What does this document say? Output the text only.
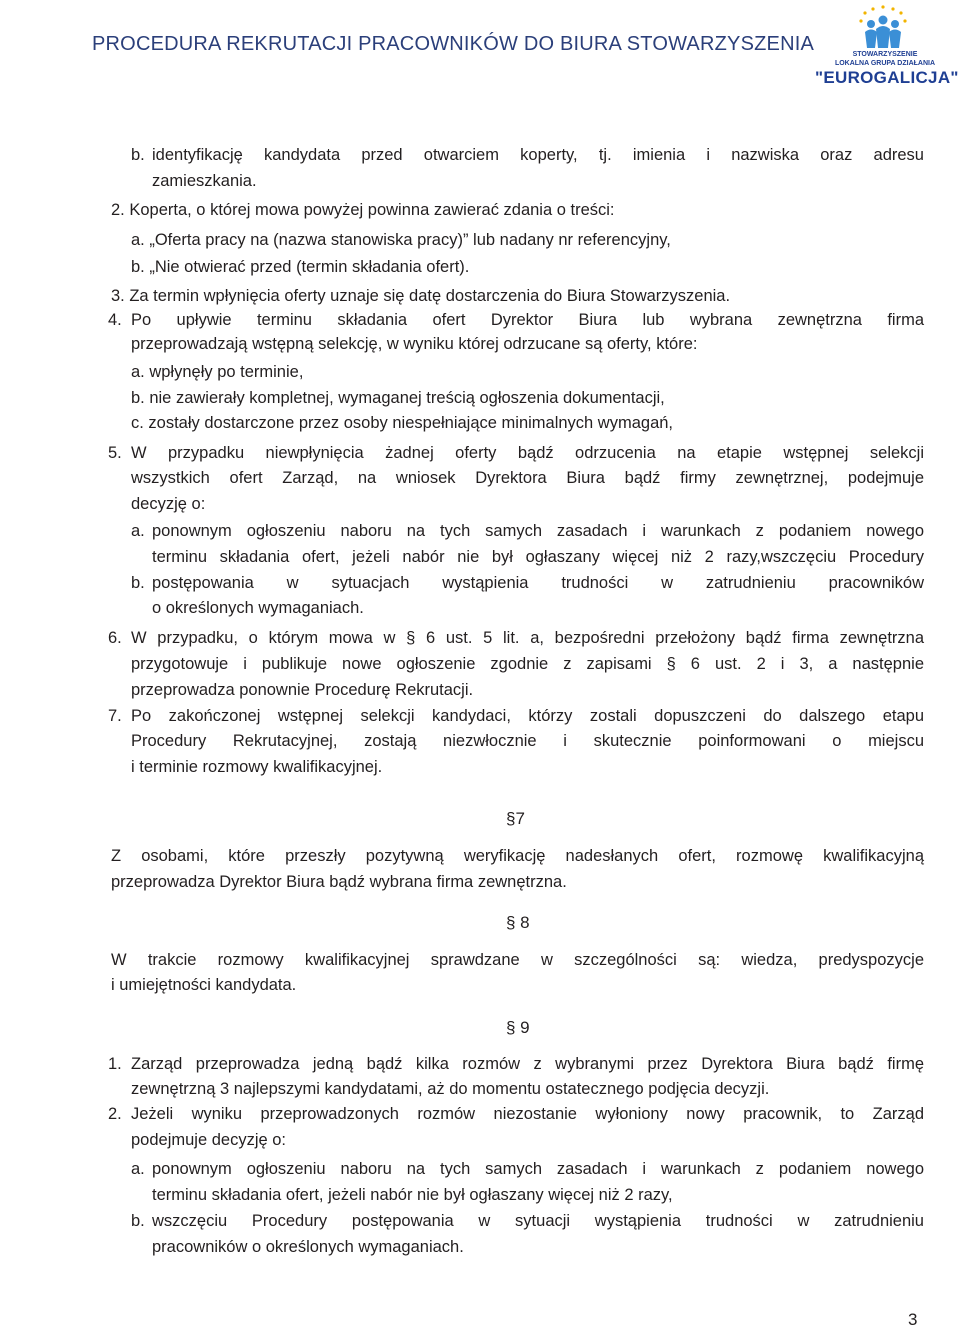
PROCEDURA REKRUTACJI PRACOWNIKÓW DO BIURA STOWARZYSZENIA	STOWARZYSZENIE
LOKALNA GRUPA DZIAŁANIA
"EUROGALICJA"
b. identyfikację kandydata przed otwarciem koperty, tj. imienia i nazwiska oraz adresu
zamieszkania.
2. Koperta, o której mowa powyżej powinna zawierać zdania o treści:
a. „Oferta pracy na (nazwa stanowiska pracy)” lub nadany nr referencyjny,
b. „Nie otwierać przed (termin składania ofert).
3. Za termin wpłynięcia oferty uznaje się datę dostarczenia do Biura Stowarzyszenia.
4. Po upływie terminu składania ofert Dyrektor Biura lub wybrana zewnętrzna firma
przeprowadzają wstępną selekcję, w wyniku której odrzucane są oferty, które:
a. wpłynęły po terminie,
b. nie zawierały kompletnej, wymaganej treścią ogłoszenia dokumentacji,
c. zostały dostarczone przez osoby niespełniające minimalnych wymagań,
5. W przypadku niewpłynięcia żadnej oferty bądź odrzucenia na etapie wstępnej selekcji
wszystkich ofert Zarząd, na wniosek Dyrektora Biura bądź firmy zewnętrznej, podejmuje
decyzję o:
a. ponownym ogłoszeniu naboru na tych samych zasadach i warunkach z podaniem nowego
terminu składania ofert, jeżeli nabór nie był ogłaszany więcej niż 2 razy,wszczęciu Procedury
b. postępowania w sytuacjach wystąpienia trudności w zatrudnieniu pracowników
o określonych wymaganiach.
6. W przypadku, o którym mowa w § 6 ust. 5 lit. a, bezpośredni przełożony bądź firma zewnętrzna
przygotowuje i publikuje nowe ogłoszenie zgodnie z zapisami § 6 ust. 2 i 3, a następnie
przeprowadza ponownie Procedurę Rekrutacji.
7. Po zakończonej wstępnej selekcji kandydaci, którzy zostali dopuszczeni do dalszego etapu
Procedury Rekrutacyjnej, zostają niezwłocznie i skutecznie poinformowani o miejscu
i terminie rozmowy kwalifikacyjnej.
§7
Z osobami, które przeszły pozytywną weryfikację nadesłanych ofert, rozmowę kwalifikacyjną
przeprowadza Dyrektor Biura bądź wybrana firma zewnętrzna.
§ 8
W trakcie rozmowy kwalifikacyjnej sprawdzane w szczególności są: wiedza, predyspozycje
i umiejętności kandydata.
§ 9
1. Zarząd przeprowadza jedną bądź kilka rozmów z wybranymi przez Dyrektora Biura bądź firmę
zewnętrzną 3 najlepszymi kandydatami, aż do momentu ostatecznego podjęcia decyzji.
2. Jeżeli wyniku przeprowadzonych rozmów niezostanie wyłoniony nowy pracownik, to Zarząd
podejmuje decyzję o:
a. ponownym ogłoszeniu naboru na tych samych zasadach i warunkach z podaniem nowego
terminu składania ofert, jeżeli nabór nie był ogłaszany więcej niż 2 razy,
b. wszczęciu Procedury postępowania w sytuacji wystąpienia trudności w zatrudnieniu
pracowników o określonych wymaganiach.
3
